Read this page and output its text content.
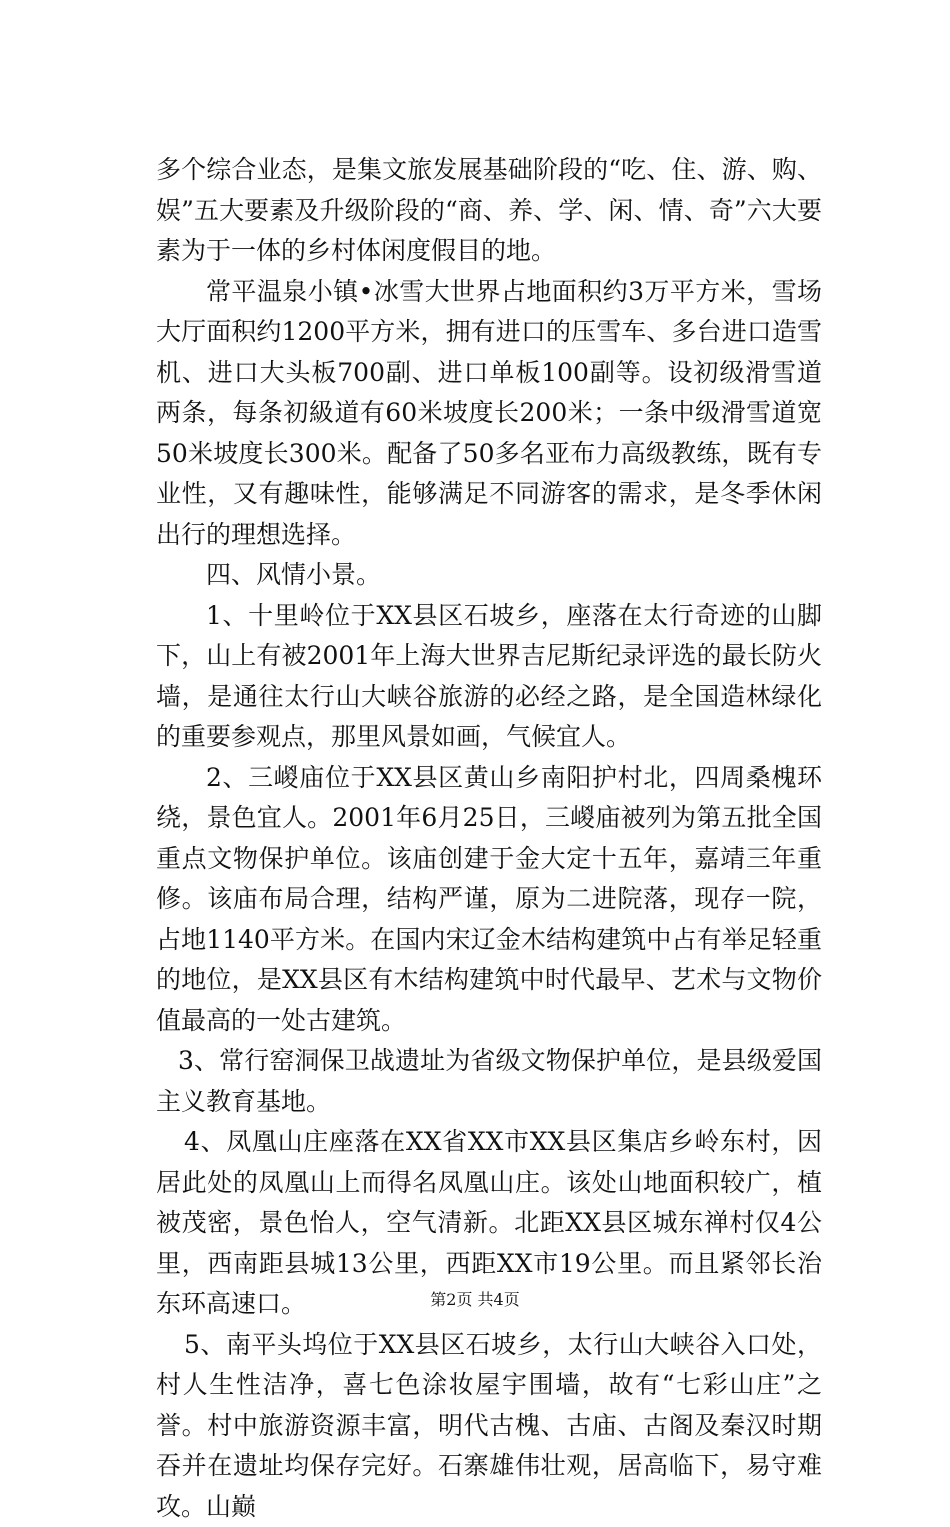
多个综合业态，是集文旅发展基础阶段的“吃、住、游、购、娱”五大要素及升级阶段的“商、养、学、闲、情、奇”六大要素为于一体的乡村体闲度假目的地。

常平温泉小镇•冰雪大世界占地面积约3万平方米，雪场大厅面积约1200平方米，拥有进口的压雪车、多台进口造雪机、进口大头板700副、进口单板100副等。设初级滑雪道两条，每条初級道有60米坡度长200米；一条中级滑雪道宽50米坡度长300米。配备了50多名亚布力高级教练，既有专业性，又有趣味性，能够满足不同游客的需求，是冬季休闲出行的理想选择。

四、风情小景。

1、十里岭位于XX县区石坡乡，座落在太行奇迹的山脚下，山上有被2001年上海大世界吉尼斯纪录评选的最长防火墙，是通往太行山大峡谷旅游的必经之路，是全国造林绿化的重要参观点，那里风景如画，气候宜人。

2、三嵕庙位于XX县区黄山乡南阳护村北，四周桑槐环绕，景色宜人。2001年6月25日，三嵕庙被列为第五批全国重点文物保护单位。该庙创建于金大定十五年，嘉靖三年重修。该庙布局合理，结构严谨，原为二进院落，现存一院，占地1140平方米。在国内宋辽金木结构建筑中占有举足轻重的地位，是XX县区有木结构建筑中时代最早、艺术与文物价值最高的一处古建筑。

3、常行窑洞保卫战遗址为省级文物保护单位，是县级爱国主义教育基地。

4、凤凰山庄座落在XX省XX市XX县区集店乡岭东村，因居此处的凤凰山上而得名凤凰山庄。该处山地面积较广，植被茂密，景色怡人，空气清新。北距XX县区城东禅村仅4公里，西南距县城13公里，西距XX市19公里。而且紧邻长治东环高速口。

5、南平头坞位于XX县区石坡乡，太行山大峡谷入口处，村人生性洁净，喜七色涂妆屋宇围墙，故有“七彩山庄”之誉。村中旅游资源丰富，明代古槐、古庙、古阁及秦汉时期吞并在遗址均保存完好。石寨雄伟壮观，居高临下，易守难攻。山巅

第2页 共4页
